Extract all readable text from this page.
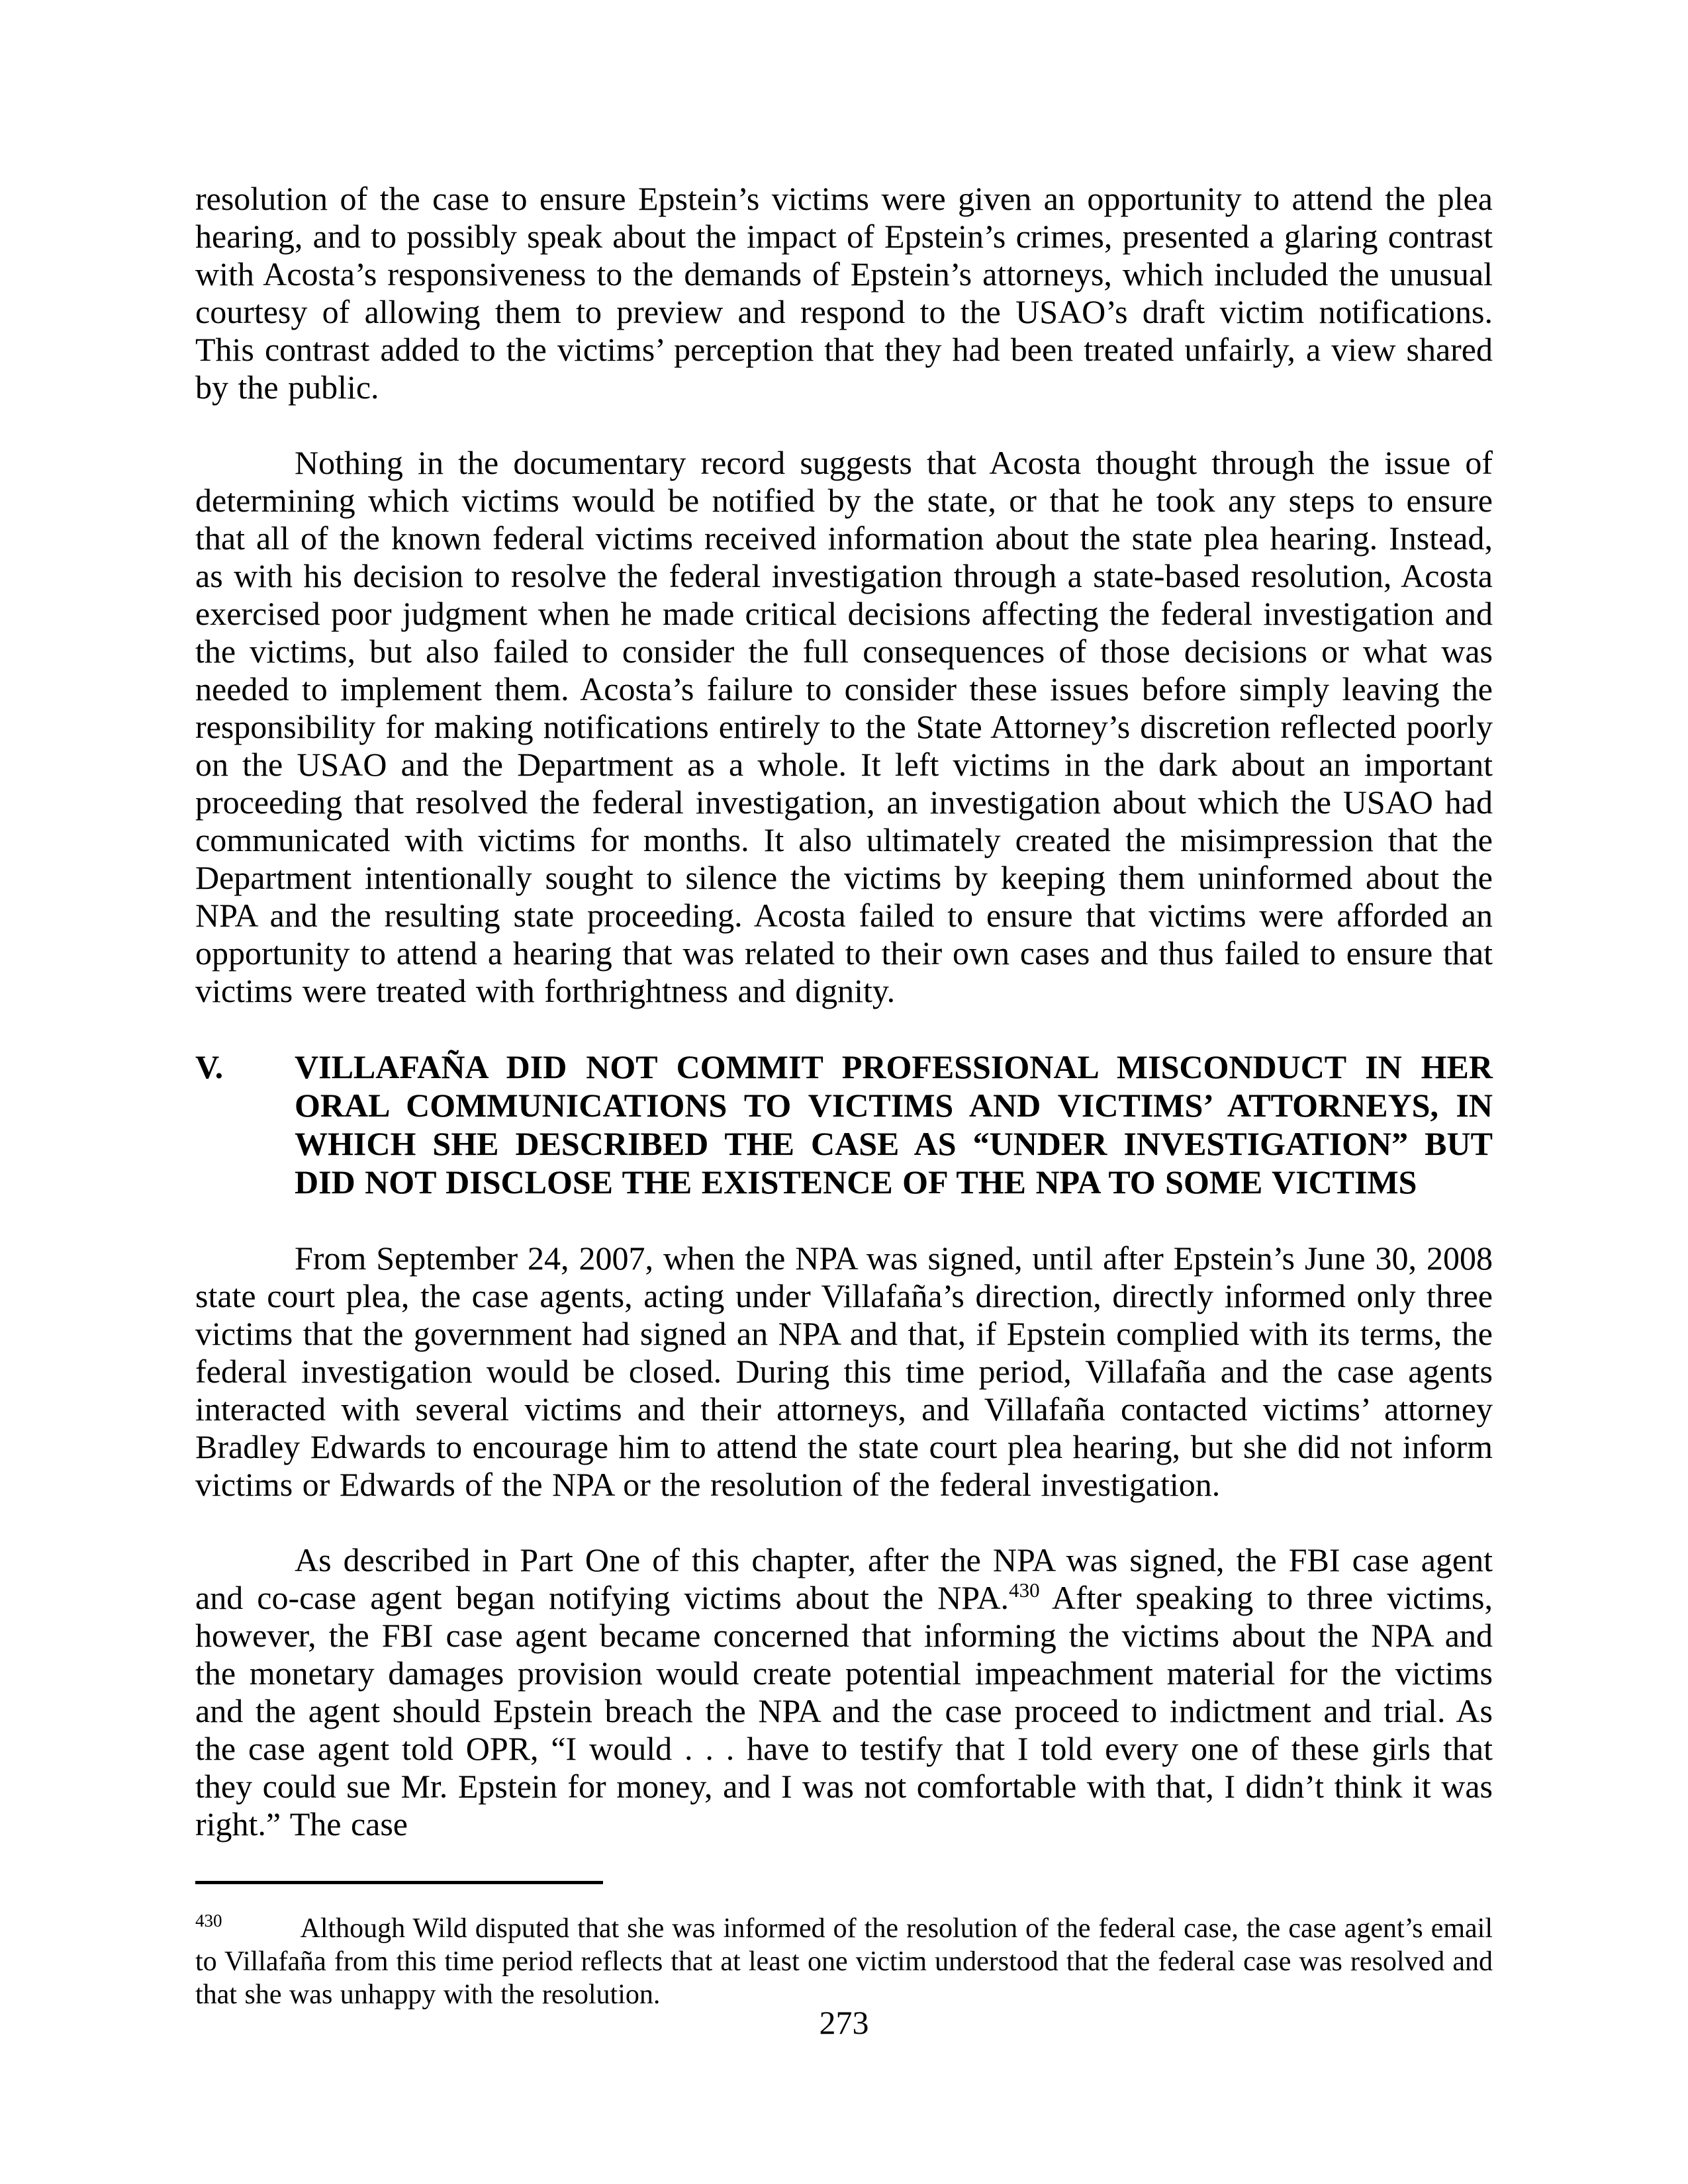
resolution of the case to ensure Epstein’s victims were given an opportunity to attend the plea hearing, and to possibly speak about the impact of Epstein’s crimes, presented a glaring contrast with Acosta’s responsiveness to the demands of Epstein’s attorneys, which included the unusual courtesy of allowing them to preview and respond to the USAO’s draft victim notifications. This contrast added to the victims’ perception that they had been treated unfairly, a view shared by the public.

Nothing in the documentary record suggests that Acosta thought through the issue of determining which victims would be notified by the state, or that he took any steps to ensure that all of the known federal victims received information about the state plea hearing. Instead, as with his decision to resolve the federal investigation through a state-based resolution, Acosta exercised poor judgment when he made critical decisions affecting the federal investigation and the victims, but also failed to consider the full consequences of those decisions or what was needed to implement them. Acosta’s failure to consider these issues before simply leaving the responsibility for making notifications entirely to the State Attorney’s discretion reflected poorly on the USAO and the Department as a whole. It left victims in the dark about an important proceeding that resolved the federal investigation, an investigation about which the USAO had communicated with victims for months. It also ultimately created the misimpression that the Department intentionally sought to silence the victims by keeping them uninformed about the NPA and the resulting state proceeding. Acosta failed to ensure that victims were afforded an opportunity to attend a hearing that was related to their own cases and thus failed to ensure that victims were treated with forthrightness and dignity.

V.	VILLAFAÑA DID NOT COMMIT PROFESSIONAL MISCONDUCT IN HER ORAL COMMUNICATIONS TO VICTIMS AND VICTIMS’ ATTORNEYS, IN WHICH SHE DESCRIBED THE CASE AS “UNDER INVESTIGATION” BUT DID NOT DISCLOSE THE EXISTENCE OF THE NPA TO SOME VICTIMS

From September 24, 2007, when the NPA was signed, until after Epstein’s June 30, 2008 state court plea, the case agents, acting under Villafaña’s direction, directly informed only three victims that the government had signed an NPA and that, if Epstein complied with its terms, the federal investigation would be closed. During this time period, Villafaña and the case agents interacted with several victims and their attorneys, and Villafaña contacted victims’ attorney Bradley Edwards to encourage him to attend the state court plea hearing, but she did not inform victims or Edwards of the NPA or the resolution of the federal investigation.

As described in Part One of this chapter, after the NPA was signed, the FBI case agent and co-case agent began notifying victims about the NPA.$^{430}$ After speaking to three victims, however, the FBI case agent became concerned that informing the victims about the NPA and the monetary damages provision would create potential impeachment material for the victims and the agent should Epstein breach the NPA and the case proceed to indictment and trial. As the case agent told OPR, “I would . . . have to testify that I told every one of these girls that they could sue Mr. Epstein for money, and I was not comfortable with that, I didn’t think it was right.” The case

$^{430}$	Although Wild disputed that she was informed of the resolution of the federal case, the case agent’s email to Villafaña from this time period reflects that at least one victim understood that the federal case was resolved and that she was unhappy with the resolution.

273
